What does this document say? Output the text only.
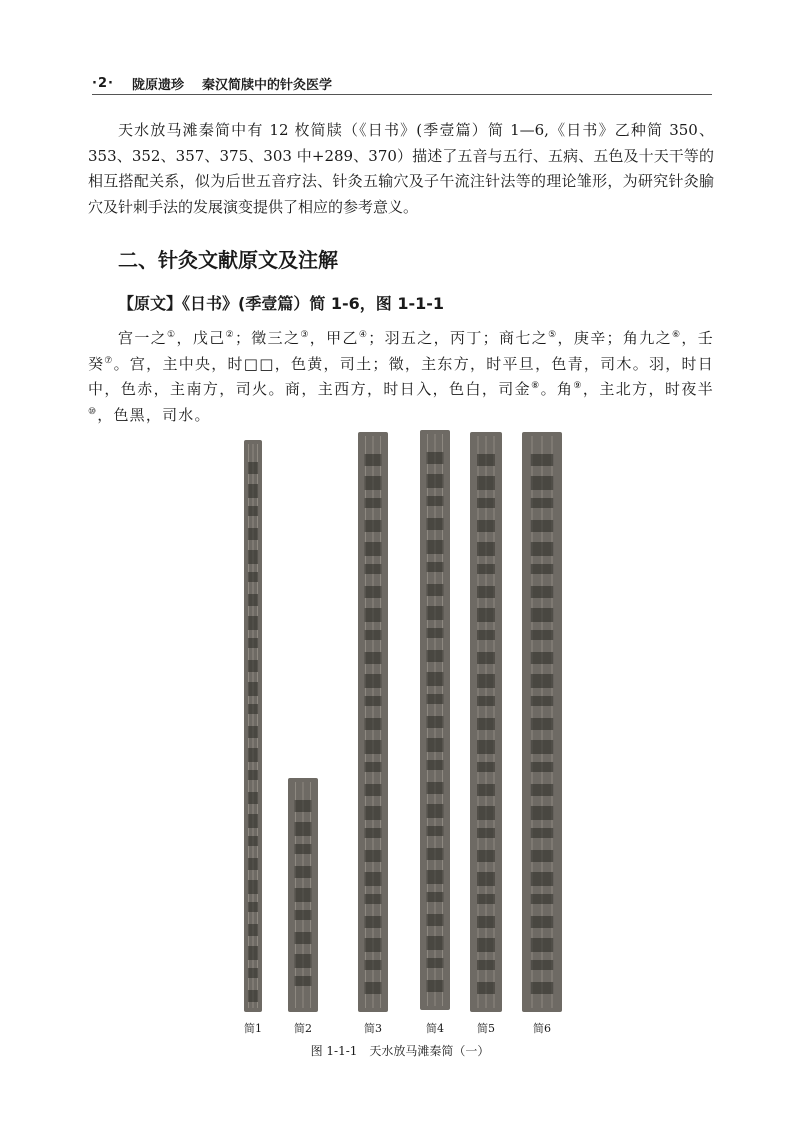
·2· 陇原遗珍 秦汉简牍中的针灸医学

天水放马滩秦简中有 12 枚简牍（《日书》(季壹篇）简 1—6,《日书》乙种简 350、353、352、357、375、303 中+289、370）描述了五音与五行、五病、五色及十天干等的相互搭配关系，似为后世五音疗法、针灸五输穴及子午流注针法等的理论雏形，为研究针灸腧穴及针刺手法的发展演变提供了相应的参考意义。

二、针灸文献原文及注解
【原文】《日书》(季壹篇）简 1-6，图 1-1-1

宫一之①，戊己②；徵三之③，甲乙④；羽五之，丙丁；商七之⑤，庚辛；角九之⑥，壬癸⑦。宫，主中央，时□□，色黄，司土；徵，主东方，时平旦，色青，司木。羽，时日中，色赤，主南方，司火。商，主西方，时日入，色白，司金⑧。角⑨，主北方，时夜半⑩，色黑，司水。

简1	简2	简3	简4	简5	简6
图 1-1-1　天水放马滩秦简（一）
